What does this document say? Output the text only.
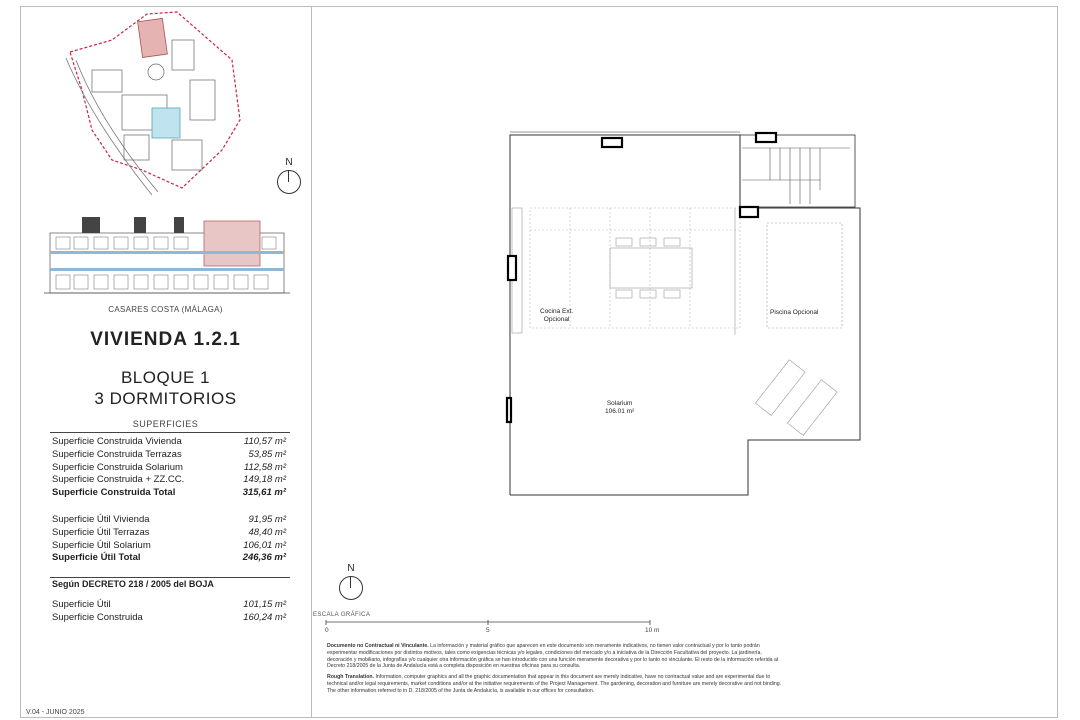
N
CASARES COSTA (MÁLAGA)
VIVIENDA 1.2.1
BLOQUE 1
3 DORMITORIOS
SUPERFICIES
Superficie Construida Vivienda	110,57 m²
Superficie Construida Terrazas	53,85 m²
Superficie Construida Solarium	112,58 m²
Superficie Construida + ZZ.CC.	149,18 m²
Superficie Construida Total	315,61 m²
Superficie Útil Vivienda	91,95 m²
Superficie Útil Terrazas	48,40 m²
Superficie Útil Solarium	106,01 m²
Superficie Útil Total	246,36 m²
Según DECRETO 218 / 2005 del BOJA
Superficie Útil	101,15 m²
Superficie Construida	160,24 m²
V.04 - JUNIO 2025
Cocina Ext.
Opcional
Piscina Opcional
Solarium
106.01 m²
N
ESCALA GRÁFICA
0	5	10 m

Documento no Contractual ni Vinculante. La información y material gráfico que aparecen en este documento son meramente indicativos, no tienen valor contractual y por lo tanto podrán experimentar modificaciones por distintos motivos, tales como exigencias técnicas y/o legales, condiciones del mercado y/o a iniciativa de la Dirección Facultativa del proyecto. La jardinería, decoración y mobiliario, infografías y/o cualquier otra información gráfica se han introducido con una función meramente decorativa y por lo tanto no vinculante. El resto de la información referida al Decreto 218/2005 de la Junta de Andalucía está a completa disposición en nuestras oficinas para su consulta.

Rough Translation. Information, computer graphics and all the graphic documentation that appear in this document are merely indicative, have no contractual value and are experimental due to technical and/or legal requirements, market conditions and/or at the initiative requirements of the Project Management. The gardening, decoration and furniture are merely decorative and not binding. The other information referred to in D. 218/2005 of the Junta de Andalucía, is available in our offices for consultation.
